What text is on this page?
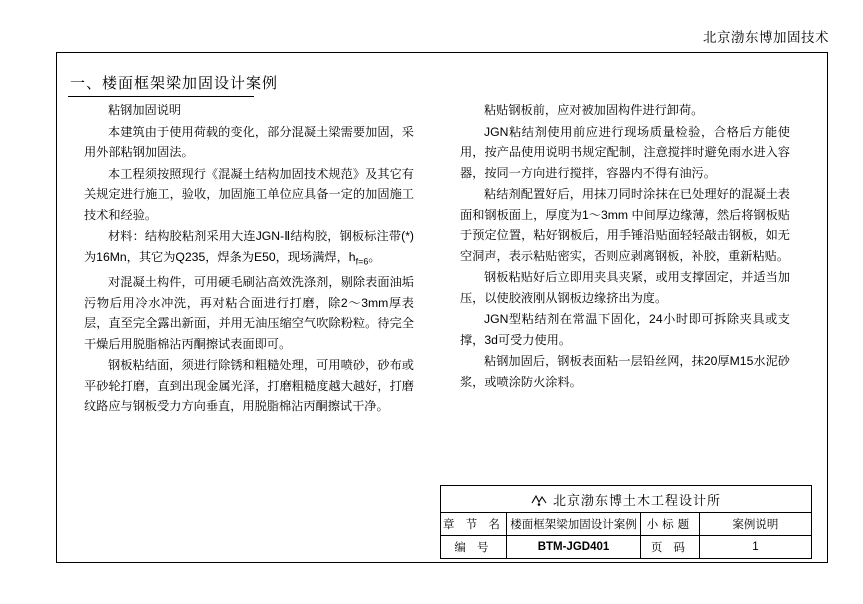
北京渤东博加固技术
一、楼面框架梁加固设计案例

粘钢加固说明

本建筑由于使用荷载的变化，部分混凝土梁需要加固，采用外部粘钢加固法。

本工程须按照现行《混凝土结构加固技术规范》及其它有关规定进行施工，验收，加固施工单位应具备一定的加固施工技术和经验。

材料：结构胶粘剂采用大连JGN-Ⅱ结构胶，钢板标注带(*)为16Mn，其它为Q235，焊条为E50，现场满焊，$h_{f=6}$。

对混凝土构件，可用硬毛刷沾高效洗涤剂，剔除表面油垢污物后用冷水冲洗，再对粘合面进行打磨，除2～3mm厚表层，直至完全露出新面，并用无油压缩空气吹除粉粒。待完全干燥后用脱脂棉沾丙酮擦试表面即可。

钢板粘结面，须进行除锈和粗糙处理，可用喷砂，砂布或平砂轮打磨，直到出现金属光泽，打磨粗糙度越大越好，打磨纹路应与钢板受力方向垂直，用脱脂棉沾丙酮擦试干净。

粘贴钢板前，应对被加固构件进行卸荷。

JGN粘结剂使用前应进行现场质量检验，合格后方能使用，按产品使用说明书规定配制，注意搅拌时避免雨水进入容器，按同一方向进行搅拌，容器内不得有油污。

粘结剂配置好后，用抹刀同时涂抹在已处理好的混凝土表面和钢板面上，厚度为1～3mm 中间厚边缘薄，然后将钢板贴于预定位置，粘好钢板后，用手锤沿贴面轻轻敲击钢板，如无空洞声，表示粘贴密实，否则应剥离钢板，补胶，重新粘贴。

钢板粘贴好后立即用夹具夹紧，或用支撑固定，并适当加压，以使胶液刚从钢板边缘挤出为度。

JGN型粘结剂在常温下固化，24小时即可拆除夹具或支撑，3d可受力使用。

粘钢加固后，钢板表面粘一层铅丝网，抹20厚M15水泥砂浆，或喷涂防火涂料。

北京渤东博土木工程设计所			
章 节 名	楼面框架梁加固设计案例	小标题	案例说明
编 号	BTM-JGD401	页 码	1
